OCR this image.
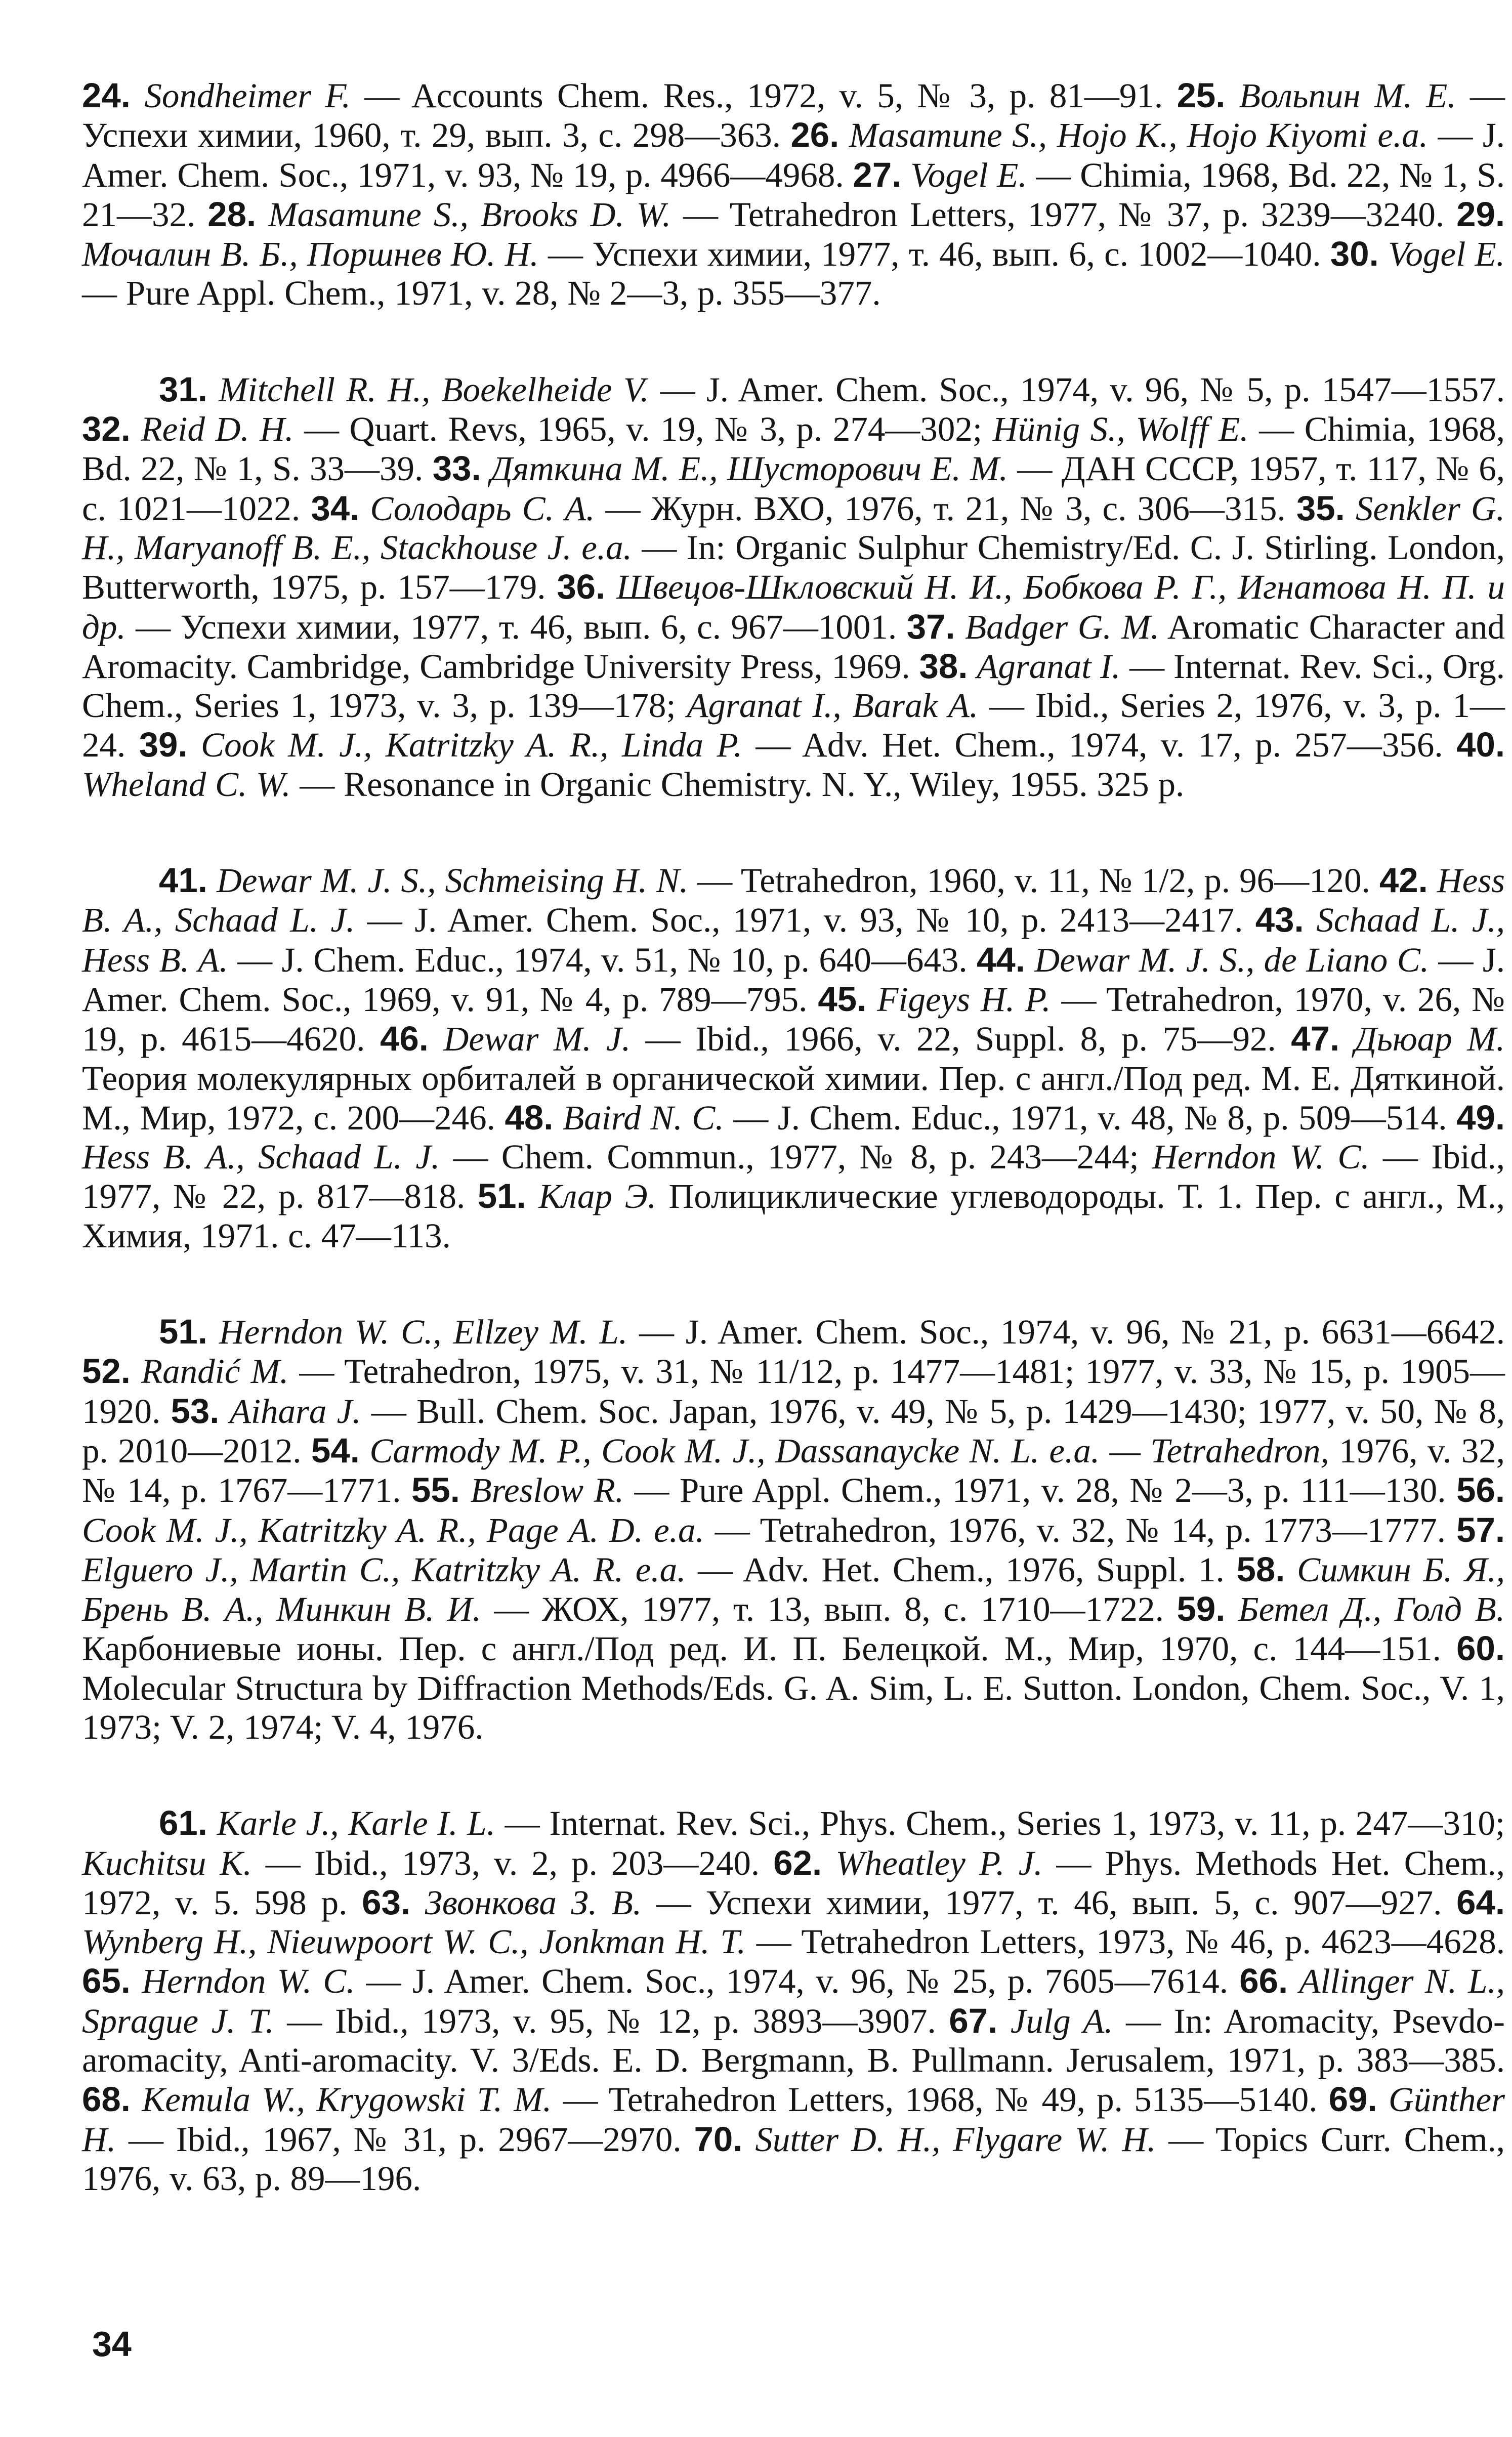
24. Sondheimer F. — Accounts Chem. Res., 1972, v. 5, № 3, p. 81—91. 25. Вольпин М. Е. — Успехи химии, 1960, т. 29, вып. 3, с. 298—363. 26. Masamune S., Hojo K., Hojo Kiyomi e.a. — J. Amer. Chem. Soc., 1971, v. 93, № 19, p. 4966—4968. 27. Vogel E. — Chimia, 1968, Bd. 22, № 1, S. 21—32. 28. Masamune S., Brooks D. W. — Tetrahedron Letters, 1977, № 37, p. 3239—3240. 29. Мочалин В. Б., Поршнев Ю. Н. — Успехи химии, 1977, т. 46, вып. 6, с. 1002—1040. 30. Vogel E. — Pure Appl. Chem., 1971, v. 28, № 2—3, p. 355—377.

31. Mitchell R. H., Boekelheide V. — J. Amer. Chem. Soc., 1974, v. 96, № 5, p. 1547—1557. 32. Reid D. H. — Quart. Revs, 1965, v. 19, № 3, p. 274—302; Hünig S., Wolff E. — Chimia, 1968, Bd. 22, № 1, S. 33—39. 33. Дяткина М. Е., Шусторович Е. М. — ДАН СССР, 1957, т. 117, № 6, с. 1021—1022. 34. Солодарь С. А. — Журн. ВХО, 1976, т. 21, № 3, с. 306—315. 35. Senkler G. H., Maryanoff B. E., Stackhouse J. e.a. — In: Organic Sulphur Chemistry/Ed. C. J. Stirling. London, Butterworth, 1975, p. 157—179. 36. Швецов-Шкловский Н. И., Бобкова Р. Г., Игнатова Н. П. и др. — Успехи химии, 1977, т. 46, вып. 6, с. 967—1001. 37. Badger G. M. Aromatic Character and Aromacity. Cambridge, Cambridge University Press, 1969. 38. Agranat I. — Internat. Rev. Sci., Org. Chem., Series 1, 1973, v. 3, p. 139—178; Agranat I., Barak A. — Ibid., Series 2, 1976, v. 3, p. 1—24. 39. Cook M. J., Katritzky A. R., Linda P. — Adv. Het. Chem., 1974, v. 17, p. 257—356. 40. Wheland C. W. — Resonance in Organic Chemistry. N. Y., Wiley, 1955. 325 p.

41. Dewar M. J. S., Schmeising H. N. — Tetrahedron, 1960, v. 11, № 1/2, p. 96—120. 42. Hess B. A., Schaad L. J. — J. Amer. Chem. Soc., 1971, v. 93, № 10, p. 2413—2417. 43. Schaad L. J., Hess B. A. — J. Chem. Educ., 1974, v. 51, № 10, p. 640—643. 44. Dewar M. J. S., de Liano C. — J. Amer. Chem. Soc., 1969, v. 91, № 4, p. 789—795. 45. Figeys H. P. — Tetrahedron, 1970, v. 26, № 19, p. 4615—4620. 46. Dewar M. J. — Ibid., 1966, v. 22, Suppl. 8, p. 75—92. 47. Дьюар М. Теория молекулярных орбиталей в органической химии. Пер. с англ./Под ред. М. Е. Дяткиной. М., Мир, 1972, с. 200—246. 48. Baird N. C. — J. Chem. Educ., 1971, v. 48, № 8, p. 509—514. 49. Hess B. A., Schaad L. J. — Chem. Commun., 1977, № 8, p. 243—244; Herndon W. C. — Ibid., 1977, № 22, p. 817—818. 51. Клар Э. Полициклические углеводороды. Т. 1. Пер. с англ., М., Химия, 1971. с. 47—113.

51. Herndon W. C., Ellzey M. L. — J. Amer. Chem. Soc., 1974, v. 96, № 21, p. 6631—6642. 52. Randić M. — Tetrahedron, 1975, v. 31, № 11/12, p. 1477—1481; 1977, v. 33, № 15, p. 1905—1920. 53. Aihara J. — Bull. Chem. Soc. Japan, 1976, v. 49, № 5, p. 1429—1430; 1977, v. 50, № 8, p. 2010—2012. 54. Carmody M. P., Cook M. J., Dassanaycke N. L. e.a. — Tetrahedron, 1976, v. 32, № 14, p. 1767—1771. 55. Breslow R. — Pure Appl. Chem., 1971, v. 28, № 2—3, p. 111—130. 56. Cook M. J., Katritzky A. R., Page A. D. e.a. — Tetrahedron, 1976, v. 32, № 14, p. 1773—1777. 57. Elguero J., Martin C., Katritzky A. R. e.a. — Adv. Het. Chem., 1976, Suppl. 1. 58. Симкин Б. Я., Брень В. А., Минкин В. И. — ЖОХ, 1977, т. 13, вып. 8, с. 1710—1722. 59. Бетел Д., Голд В. Карбониевые ионы. Пер. с англ./Под ред. И. П. Белецкой. М., Мир, 1970, с. 144—151. 60. Molecular Structura by Diffraction Methods/Eds. G. A. Sim, L. E. Sutton. London, Chem. Soc., V. 1, 1973; V. 2, 1974; V. 4, 1976.

61. Karle J., Karle I. L. — Internat. Rev. Sci., Phys. Chem., Series 1, 1973, v. 11, p. 247—310; Kuchitsu K. — Ibid., 1973, v. 2, p. 203—240. 62. Wheatley P. J. — Phys. Methods Het. Chem., 1972, v. 5. 598 p. 63. Звонкова З. В. — Успехи химии, 1977, т. 46, вып. 5, с. 907—927. 64. Wynberg H., Nieuwpoort W. C., Jonkman H. T. — Tetrahedron Letters, 1973, № 46, p. 4623—4628. 65. Herndon W. C. — J. Amer. Chem. Soc., 1974, v. 96, № 25, p. 7605—7614. 66. Allinger N. L., Sprague J. T. — Ibid., 1973, v. 95, № 12, p. 3893—3907. 67. Julg A. — In: Aromacity, Psevdo-aromacity, Anti-aromacity. V. 3/Eds. E. D. Bergmann, B. Pullmann. Jerusalem, 1971, p. 383—385. 68. Kemula W., Krygowski T. M. — Tetrahedron Letters, 1968, № 49, p. 5135—5140. 69. Günther H. — Ibid., 1967, № 31, p. 2967—2970. 70. Sutter D. H., Flygare W. H. — Topics Curr. Chem., 1976, v. 63, p. 89—196.

34
